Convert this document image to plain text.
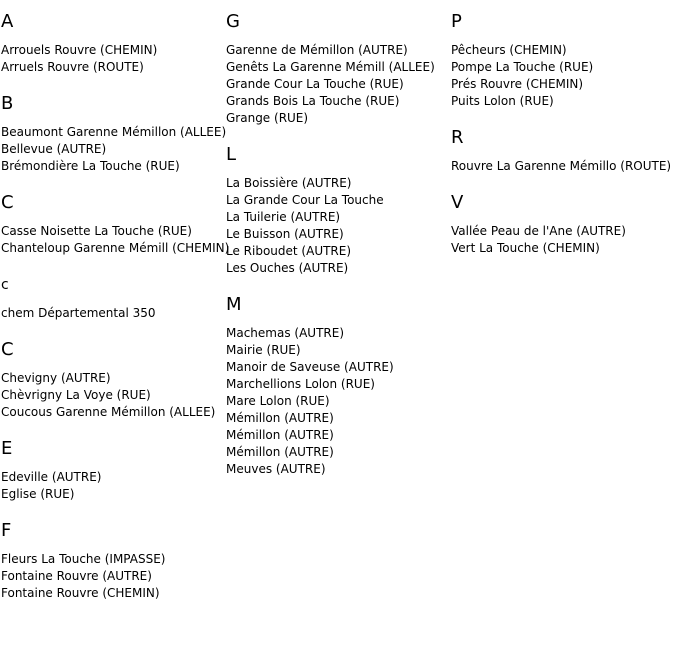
A
Arrouels Rouvre (CHEMIN)
Arruels Rouvre (ROUTE)
B
Beaumont Garenne Mémillon (ALLEE)
Bellevue (AUTRE)
Brémondière La Touche (RUE)
C
Casse Noisette La Touche (RUE)
Chanteloup Garenne Mémill (CHEMIN)
c
chem Départemental 350
C
Chevigny (AUTRE)
Chèvrigny La Voye (RUE)
Coucous Garenne Mémillon (ALLEE)
E
Edeville (AUTRE)
Eglise (RUE)
F
Fleurs La Touche (IMPASSE)
Fontaine Rouvre (AUTRE)
Fontaine Rouvre (CHEMIN)
G
Garenne de Mémillon (AUTRE)
Genêts La Garenne Mémill (ALLEE)
Grande Cour La Touche (RUE)
Grands Bois La Touche (RUE)
Grange (RUE)
L
La Boissière (AUTRE)
La Grande Cour La Touche
La Tuilerie (AUTRE)
Le Buisson (AUTRE)
Le Riboudet (AUTRE)
Les Ouches (AUTRE)
M
Machemas (AUTRE)
Mairie (RUE)
Manoir de Saveuse (AUTRE)
Marchellions Lolon (RUE)
Mare Lolon (RUE)
Mémillon (AUTRE)
Mémillon (AUTRE)
Mémillon (AUTRE)
Meuves (AUTRE)
P
Pêcheurs (CHEMIN)
Pompe La Touche (RUE)
Prés Rouvre (CHEMIN)
Puits Lolon (RUE)
R
Rouvre La Garenne Mémillo (ROUTE)
V
Vallée Peau de l'Ane (AUTRE)
Vert La Touche (CHEMIN)
